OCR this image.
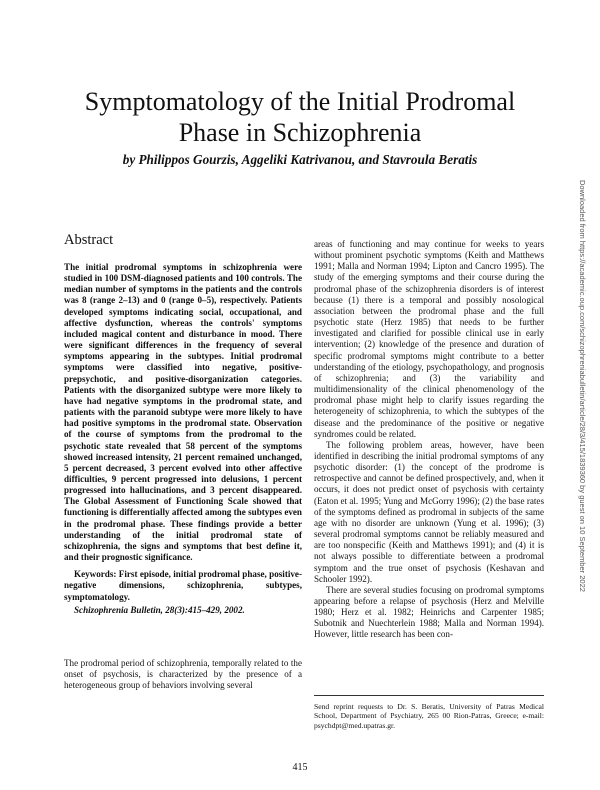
Symptomatology of the Initial Prodromal Phase in Schizophrenia

by Philippos Gourzis, Aggeliki Katrivanou, and Stavroula Beratis

Abstract

The initial prodromal symptoms in schizophrenia were studied in 100 DSM-diagnosed patients and 100 controls. The median number of symptoms in the patients and the controls was 8 (range 2–13) and 0 (range 0–5), respectively. Patients developed symptoms indicating social, occupational, and affective dysfunction, whereas the controls' symptoms included magical content and disturbance in mood. There were significant differences in the frequency of several symptoms appearing in the subtypes. Initial prodromal symptoms were classified into negative, positive-prepsychotic, and positive-disorganization categories. Patients with the disorganized subtype were more likely to have had negative symptoms in the prodromal state, and patients with the paranoid subtype were more likely to have had positive symptoms in the prodromal state. Observation of the course of symptoms from the prodromal to the psychotic state revealed that 58 percent of the symptoms showed increased intensity, 21 percent remained unchanged, 5 percent decreased, 3 percent evolved into other affective difficulties, 9 percent progressed into delusions, 1 percent progressed into hallucinations, and 3 percent disappeared. The Global Assessment of Functioning Scale showed that functioning is differentially affected among the subtypes even in the prodromal phase. These findings provide a better understanding of the initial prodromal state of schizophrenia, the signs and symptoms that best define it, and their prognostic significance.

Keywords: First episode, initial prodromal phase, positive-negative dimensions, schizophrenia, subtypes, symptomatology.

Schizophrenia Bulletin, 28(3):415–429, 2002.

The prodromal period of schizophrenia, temporally related to the onset of psychosis, is characterized by the presence of a heterogeneous group of behaviors involving several

areas of functioning and may continue for weeks to years without prominent psychotic symptoms (Keith and Matthews 1991; Malla and Norman 1994; Lipton and Cancro 1995). The study of the emerging symptoms and their course during the prodromal phase of the schizophrenia disorders is of interest because (1) there is a temporal and possibly nosological association between the prodromal phase and the full psychotic state (Herz 1985) that needs to be further investigated and clarified for possible clinical use in early intervention; (2) knowledge of the presence and duration of specific prodromal symptoms might contribute to a better understanding of the etiology, psychopathology, and prognosis of schizophrenia; and (3) the variability and multidimensionality of the clinical phenomenology of the prodromal phase might help to clarify issues regarding the heterogeneity of schizophrenia, to which the subtypes of the disease and the predominance of the positive or negative syndromes could be related.

The following problem areas, however, have been identified in describing the initial prodromal symptoms of any psychotic disorder: (1) the concept of the prodrome is retrospective and cannot be defined prospectively, and, when it occurs, it does not predict onset of psychosis with certainty (Eaton et al. 1995; Yung and McGorry 1996); (2) the base rates of the symptoms defined as prodromal in subjects of the same age with no disorder are unknown (Yung et al. 1996); (3) several prodromal symptoms cannot be reliably measured and are too nonspecific (Keith and Matthews 1991); and (4) it is not always possible to differentiate between a prodromal symptom and the true onset of psychosis (Keshavan and Schooler 1992).

There are several studies focusing on prodromal symptoms appearing before a relapse of psychosis (Herz and Melville 1980; Herz et al. 1982; Heinrichs and Carpenter 1985; Subotnik and Nuechterlein 1988; Malla and Norman 1994). However, little research has been con-

Send reprint requests to Dr. S. Beratis, University of Patras Medical School, Department of Psychiatry, 265 00 Rion-Patras, Greece; e-mail: psychdpt@med.upatras.gr.

415

Downloaded from https://academic.oup.com/schizophreniabulletin/article/28/3/415/1839360 by guest on 10 September 2022
